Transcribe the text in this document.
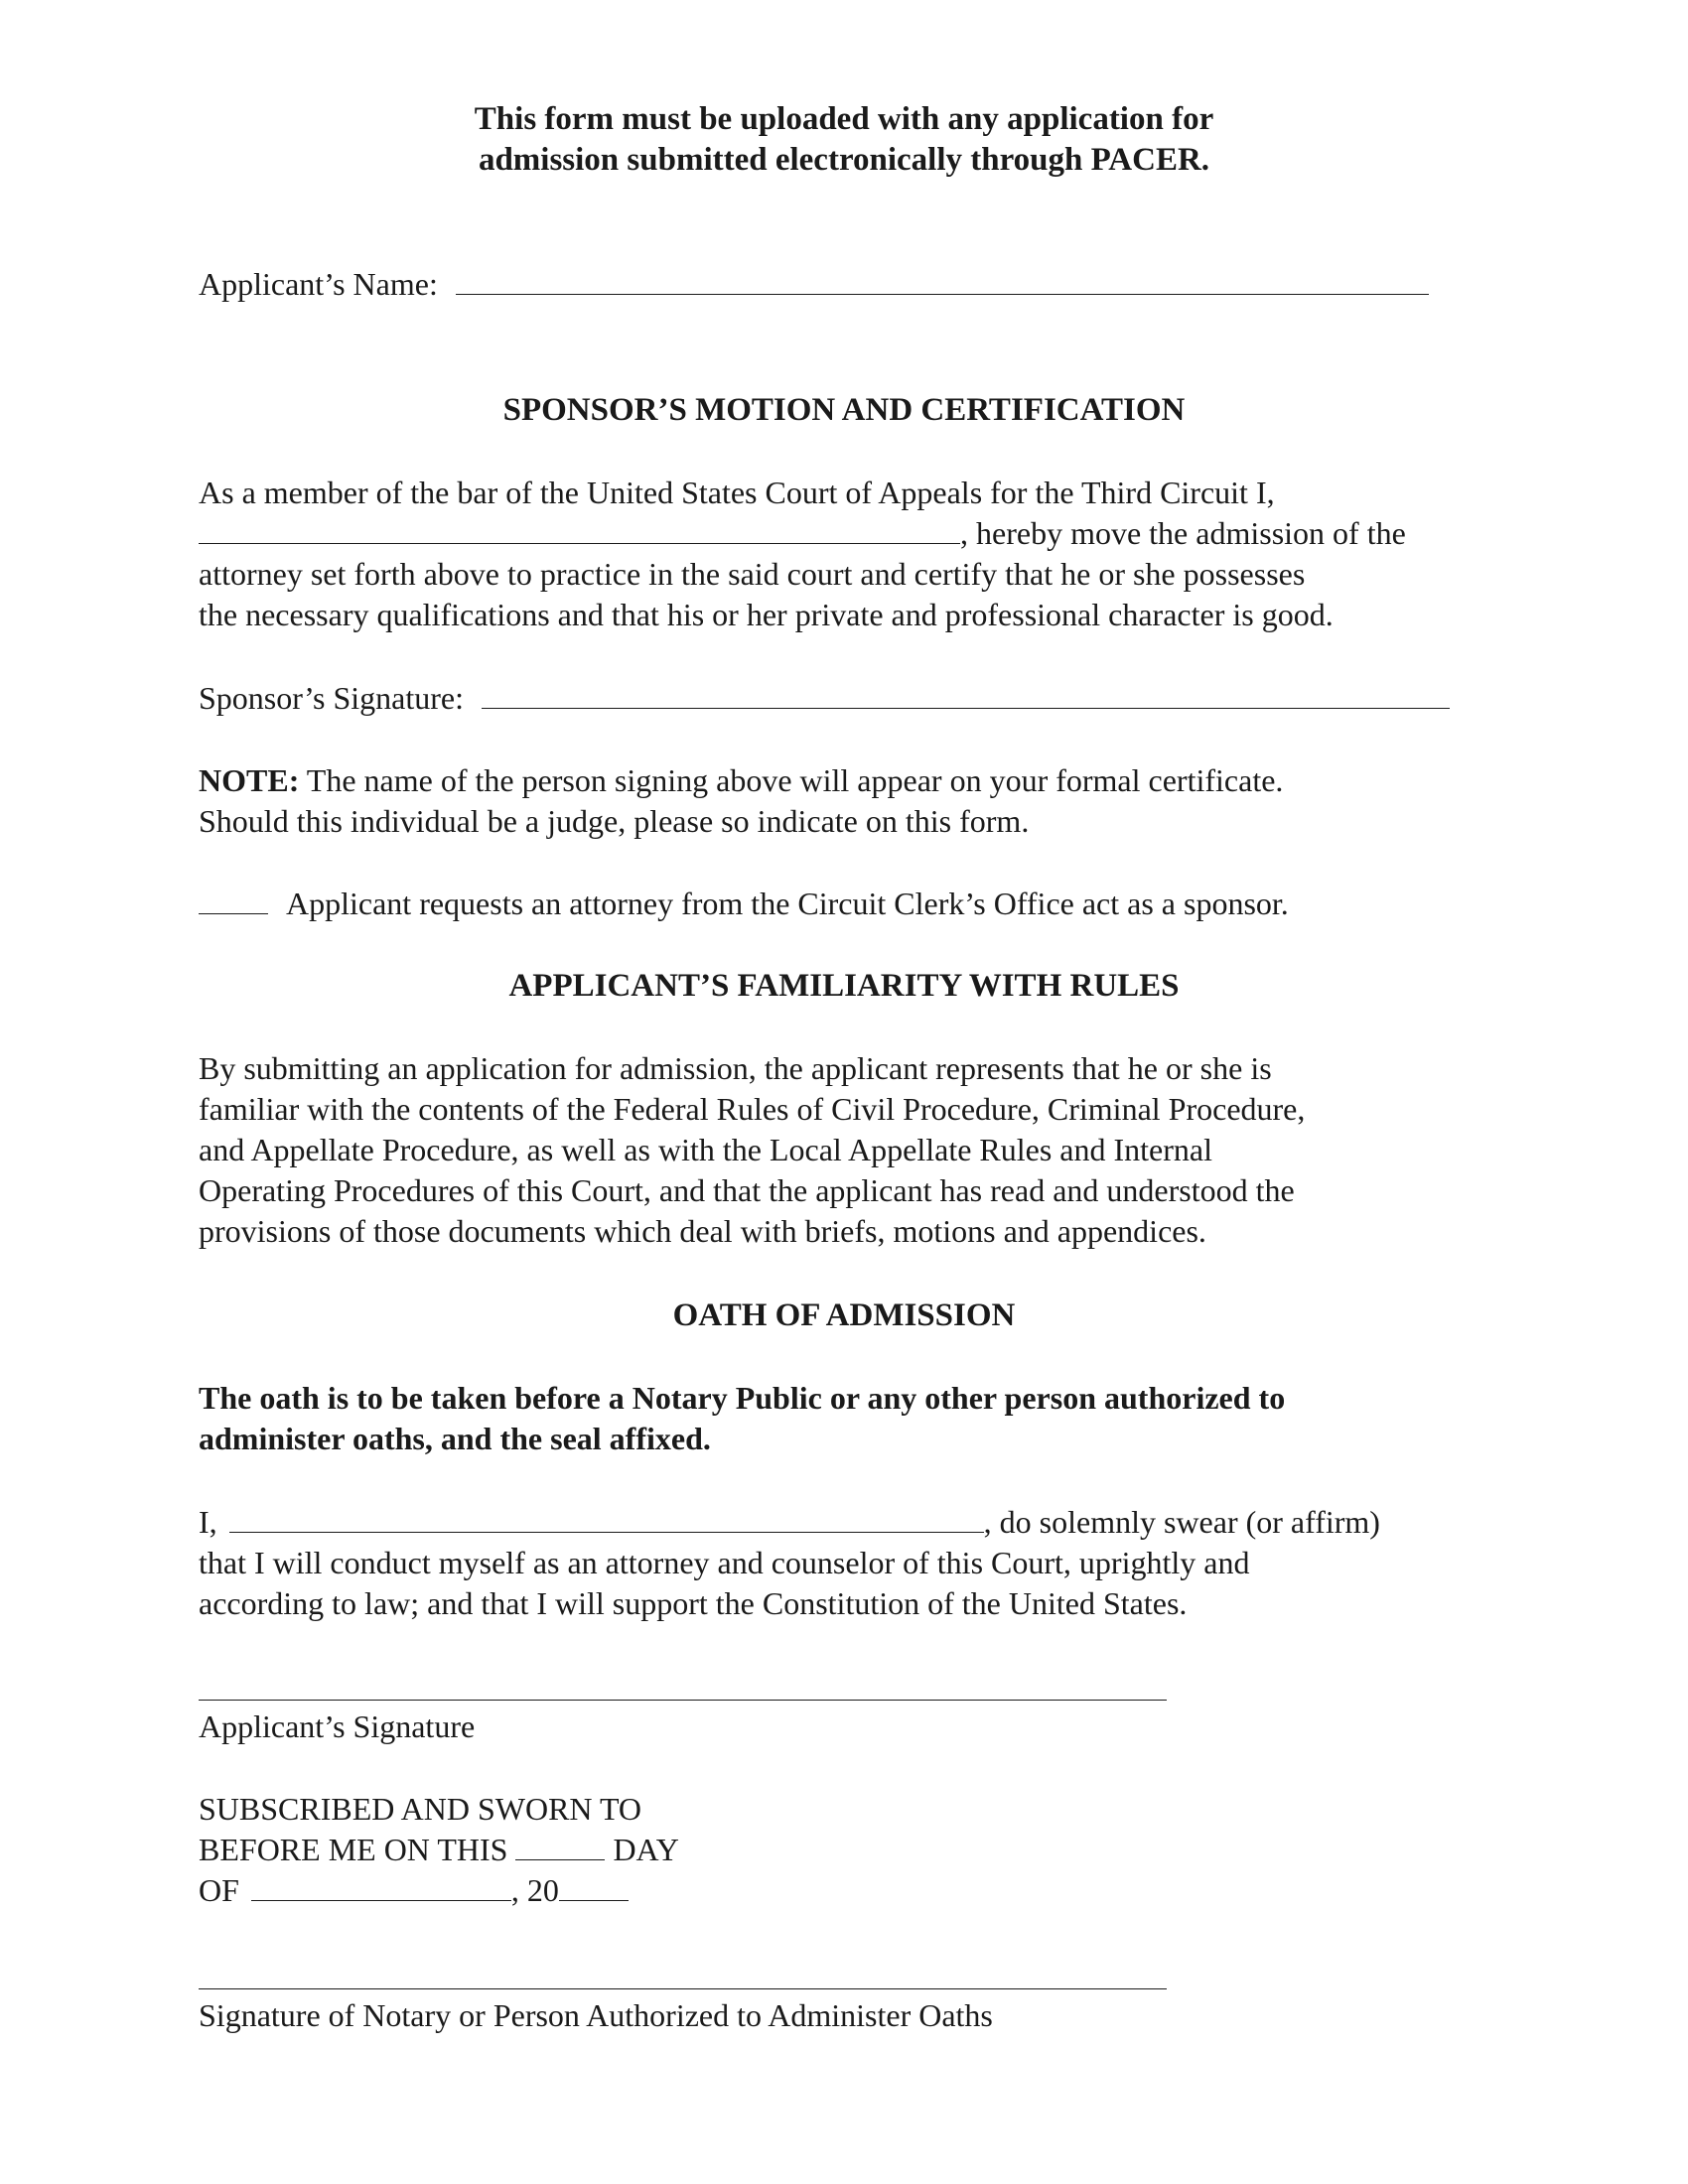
This form must be uploaded with any application for
admission submitted electronically through PACER.
Applicant’s Name:
SPONSOR’S MOTION AND CERTIFICATION
As a member of the bar of the United States Court of Appeals for the Third Circuit I,
, hereby move the admission of the
attorney set forth above to practice in the said court and certify that he or she possesses
the necessary qualifications and that his or her private and professional character is good.
Sponsor’s Signature:
NOTE: The name of the person signing above will appear on your formal certificate.
Should this individual be a judge, please so indicate on this form.
Applicant requests an attorney from the Circuit Clerk’s Office act as a sponsor.
APPLICANT’S FAMILIARITY WITH RULES
By submitting an application for admission, the applicant represents that he or she is
familiar with the contents of the Federal Rules of Civil Procedure, Criminal Procedure,
and Appellate Procedure, as well as with the Local Appellate Rules and Internal
Operating Procedures of this Court, and that the applicant has read and understood the
provisions of those documents which deal with briefs, motions and appendices.
OATH OF ADMISSION
The oath is to be taken before a Notary Public or any other person authorized to
administer oaths, and the seal affixed.
I,	, do solemnly swear (or affirm)
that I will conduct myself as an attorney and counselor of this Court, uprightly and
according to law; and that I will support the Constitution of the United States.
Applicant’s Signature
SUBSCRIBED AND SWORN TO
BEFORE ME ON THIS	DAY
OF	, 20
Signature of Notary or Person Authorized to Administer Oaths
